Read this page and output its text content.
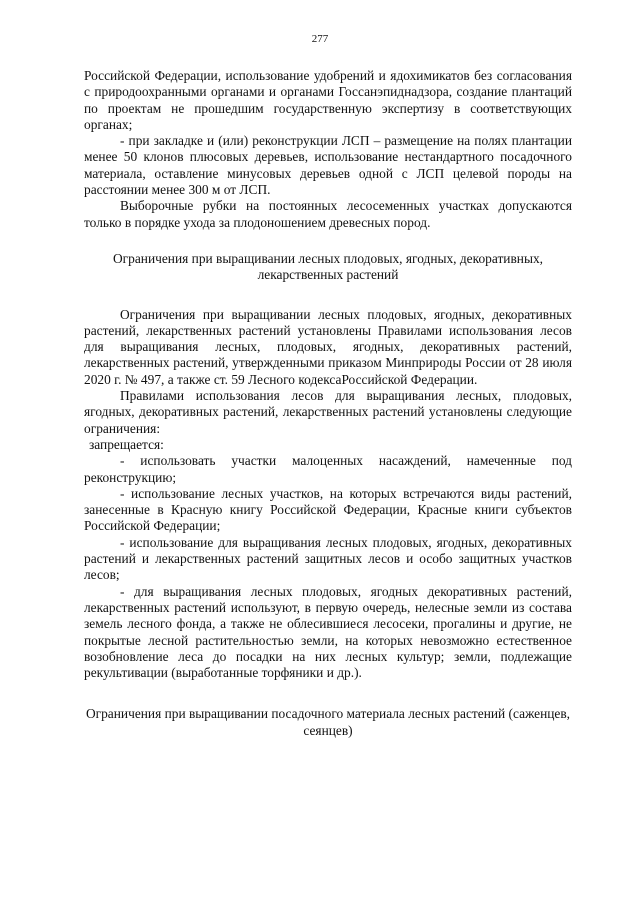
277

Российской Федерации, использование удобрений и ядохимикатов без согласования с природоохранными органами и органами Госсанэпиднадзора, создание плантаций по проектам не прошедшим государственную экспертизу в соответствующих органах;

- при закладке и (или) реконструкции ЛСП – размещение на полях плантации менее 50 клонов плюсовых деревьев, использование нестандартного посадочного материала, оставление минусовых деревьев одной с ЛСП целевой породы на расстоянии менее 300 м от ЛСП.

Выборочные рубки на постоянных лесосеменных участках допускаются только в порядке ухода за плодоношением древесных пород.

Ограничения при выращивании лесных плодовых, ягодных, декоративных, лекарственных растений

Ограничения при выращивании лесных плодовых, ягодных, декоративных растений, лекарственных растений установлены Правилами использования лесов для выращивания лесных, плодовых, ягодных, декоративных растений, лекарственных растений, утвержденными приказом Минприроды России от 28 июля 2020 г. № 497, а также ст. 59 Лесного кодексаРоссийской Федерации.

Правилами использования лесов для выращивания лесных, плодовых, ягодных, декоративных растений, лекарственных растений установлены следующие ограничения:

запрещается:

- использовать участки малоценных насаждений, намеченные под реконструкцию;

- использование лесных участков, на которых встречаются виды растений, занесенные в Красную книгу Российской Федерации, Красные книги субъектов Российской Федерации;

- использование для выращивания лесных плодовых, ягодных, декоративных растений и лекарственных растений защитных лесов и особо защитных участков лесов;

- для выращивания лесных плодовых, ягодных декоративных растений, лекарственных растений используют, в первую очередь, нелесные земли из состава земель лесного фонда, а также не облесившиеся лесосеки, прогалины и другие, не покрытые лесной растительностью земли, на которых невозможно естественное возобновление леса до посадки на них лесных культур; земли, подлежащие рекультивации (выработанные торфяники и др.).

Ограничения при выращивании посадочного материала лесных растений (саженцев, сеянцев)
